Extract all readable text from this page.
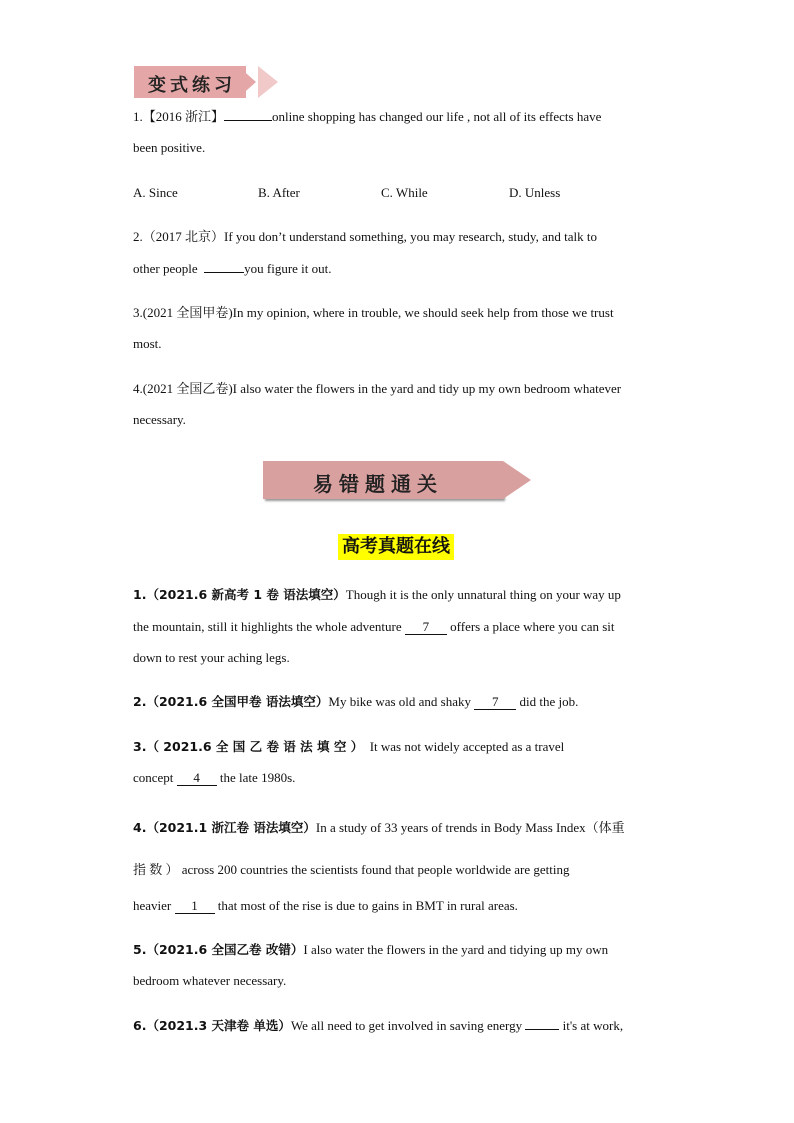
变式练习
1.【2016 浙江】	online shopping has changed our life , not all of its effects have
been positive.
A. Since	B. After	C. While	D. Unless
2.（2017 北京）If you don’t understand something, you may research, study, and talk to
other people	you figure it out.
3.(2021 全国甲卷)In my opinion, where in trouble, we should seek help from those we trust
most.
4.(2021 全国乙卷)I also water the flowers in the yard and tidy up my own bedroom whatever
necessary.
易错题通关
高考真题在线
1.（2021.6 新高考 1 卷 语法填空）Though it is the only unnatural thing on your way up
the mountain, still it highlights the whole adventure 7 offers a place where you can sit
down to rest your aching legs.
2.（2021.6 全国甲卷 语法填空）My bike was old and shaky 7 did the job.
3.（ 2021.6 全 国 乙 卷 语 法 填 空 ） It was not widely accepted as a travel
concept 4 the late 1980s.
4.（2021.1 浙江卷 语法填空）In a study of 33 years of trends in Body Mass Index（体重
指 数 ） across 200 countries the scientists found that people worldwide are getting
heavier 1 that most of the rise is due to gains in BMT in rural areas.
5.（2021.6 全国乙卷 改错）I also water the flowers in the yard and tidying up my own
bedroom whatever necessary.
6.（2021.3 天津卷 单选）We all need to get involved in saving energy	it's at work,
